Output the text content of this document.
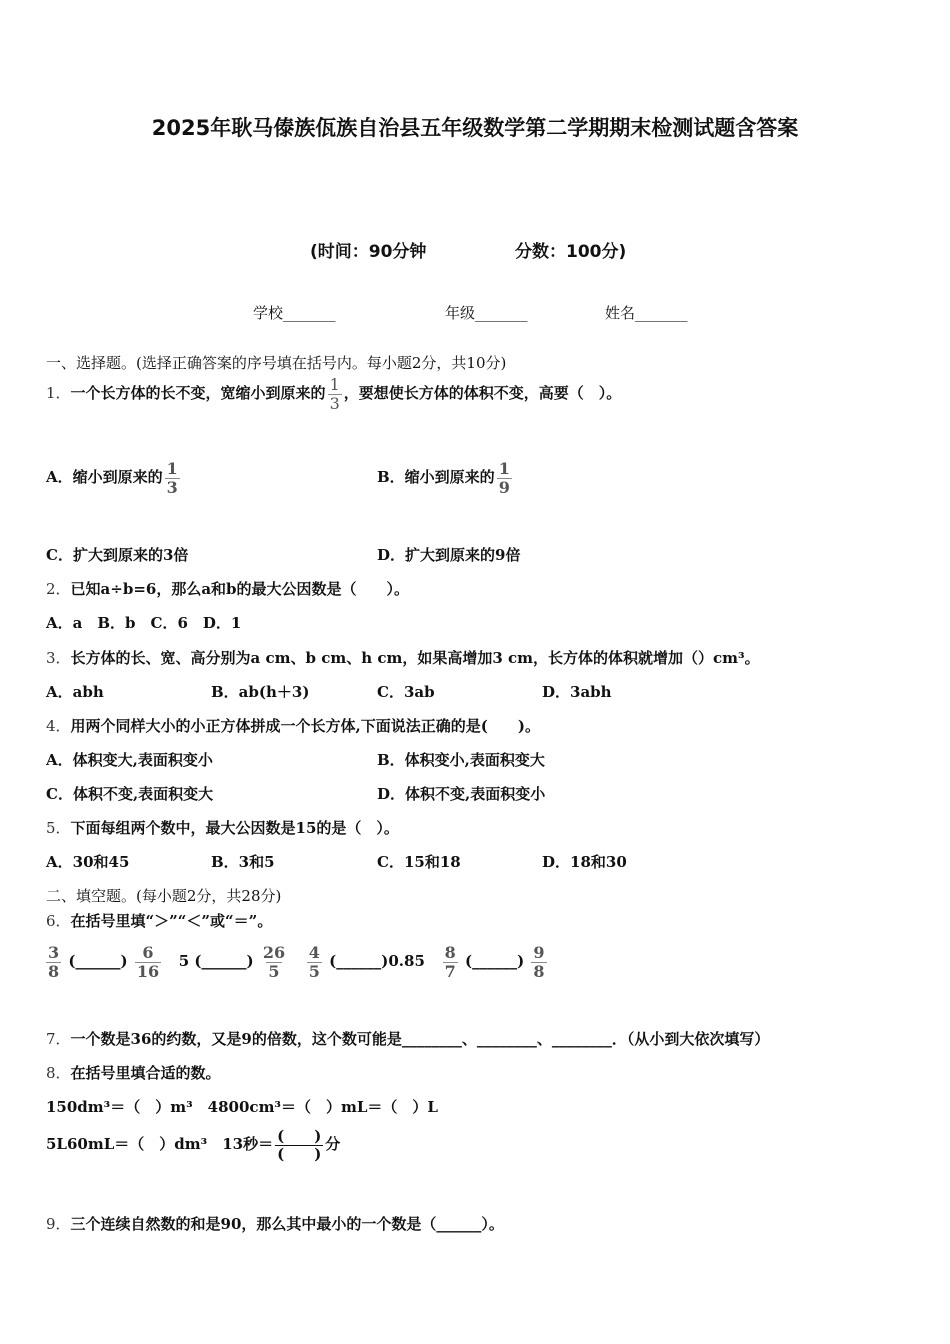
2025年耿马傣族佤族自治县五年级数学第二学期期末检测试题含答案
(时间：90分钟	分数：100分)
学校_______	年级_______	姓名_______
一、选择题。(选择正确答案的序号填在括号内。每小题2分，共10分)
1．一个长方体的长不变，宽缩小到原来的 $\frac{1}{3}$ ，要想使长方体的体积不变，高要（　）。
A．缩小到原来的 $\frac{1}{3}$	B．缩小到原来的 $\frac{1}{9}$
C．扩大到原来的3倍	D．扩大到原来的9倍
2．已知a÷b=6，那么a和b的最大公因数是（　　）。
A．a　B．b　C．6　D．1
3．长方体的长、宽、高分别为a cm、b cm、h cm，如果高增加3 cm，长方体的体积就增加（）cm³。
A．abh	B．ab(h＋3)	C．3ab	D．3abh
4．用两个同样大小的小正方体拼成一个长方体,下面说法正确的是(　　)。
A．体积变大,表面积变小	B．体积变小,表面积变大
C．体积不变,表面积变大	D．体积不变,表面积变小
5．下面每组两个数中，最大公因数是15的是（　）。
A．30和45	B．3和5	C．15和18	D．18和30
二、填空题。(每小题2分，共28分)
6．在括号里填“＞”“＜”或“＝”。
$\frac{3}{8}$ (______) $\frac{6}{16} 5$ (______) $\frac{26}{5}$
$\frac{4}{5}$ (______)0.85 $\frac{8}{7}$ (______) $\frac{9}{8}$
7．一个数是36的约数，又是9的倍数，这个数可能是________、________、________．（从小到大依次填写）
8．在括号里填合适的数。
150dm³＝（　）m³　4800cm³＝（　）mL＝（　）L
5L60mL＝（　）dm³　13秒＝ $\frac{( )}{( )}$ 分
9．三个连续自然数的和是90，那么其中最小的一个数是（______）。
